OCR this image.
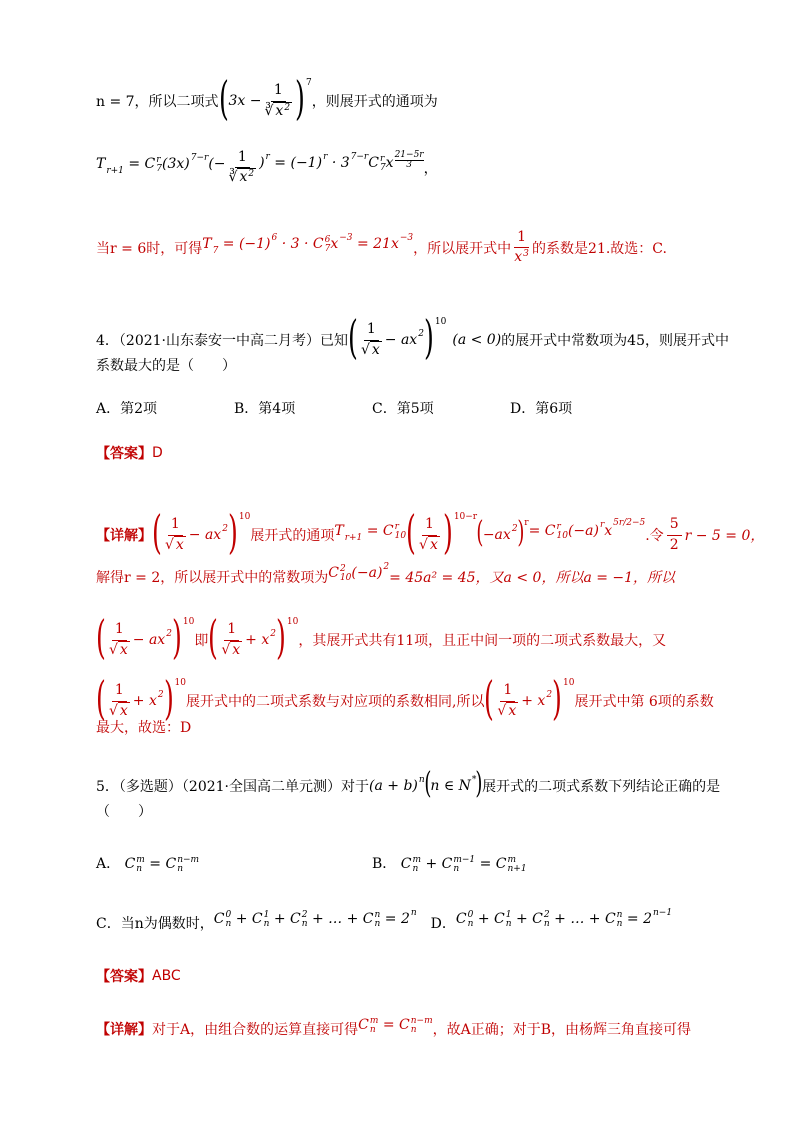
n = 7，所以二项式 ( $3x - \frac{1}{∛ x^2}$ ) 7
，则展开式的通项为
$T_{r+1} = C$ r
7 $(3x)^{7-r}(- \frac{1}{∛ x^2} )^r = (-1)^r \cdot 3^{7-r}C$ r
7 x $\frac{21-5r}{3}$ ，
当r = 6时，可得 $T_7 = (-1)^6 \cdot 3 \cdot C$ 6
7 $x^{-3} = 21x^{-3}$
，所以展开式中 $\frac{1}{x^3}$ 的系数是21.故选：C.
4．（2021·山东泰安一中高二月考）已知 ( $\frac{1}{√ x} - ax^2$ ) 10
(a < 0) 的展开式中常数项为45，则展开式中
系数最大的是（　　）
A．第2项	B．第4项	C．第5项	D．第6项
【答案】 D
【详解】 ( $\frac{1}{√ x} - ax^2$ ) 10
展开式的通项 $T_{r+1} = C$ r
10 ( $\frac{1}{√ x}$ ) 10−r ( $-ax^2$ ) r = C r
10 $(-a)^rx^{5r/2-5}$
.令 $\frac{5}{2}$ r − 5 = 0，
解得r = 2，所以展开式中的常数项为 C 2
10 $(-a)^2$
= 45a² = 45，又a < 0，所以a = −1，所以
( $\frac{1}{√ x} - ax^2$ ) 10
即 ( $\frac{1}{√ x} + x^2$ ) 10
，其展开式共有11项，且正中间一项的二项式系数最大，又
( $\frac{1}{√ x} + x^2$ ) 10
展开式中的二项式系数与对应项的系数相同,所以 ( $\frac{1}{√ x} + x^2$ ) 10
展开式中第 6项的系数
最大，故选：D
5．（多选题）（2021·全国高二单元测）对于 $(a + b)^n$ ( n ∈ N* ) 展开式的二项式系数下列结论正确的是
（　　）
A． C m
n = C n−m
n	B． C m
n + C m−1
n	= C m
n+1
C．当n为偶数时， C 0
n + C 1
n + C 2
n + … + C n
$n = 2^n$
D． C 0
n + C 1
n + C 2
n + … + C n
$n = 2^{n-1}$
【答案】 ABC
【详解】 对于A，由组合数的运算直接可得 C m
n = C n−m
n	，故A正确；对于B，由杨辉三角直接可得
